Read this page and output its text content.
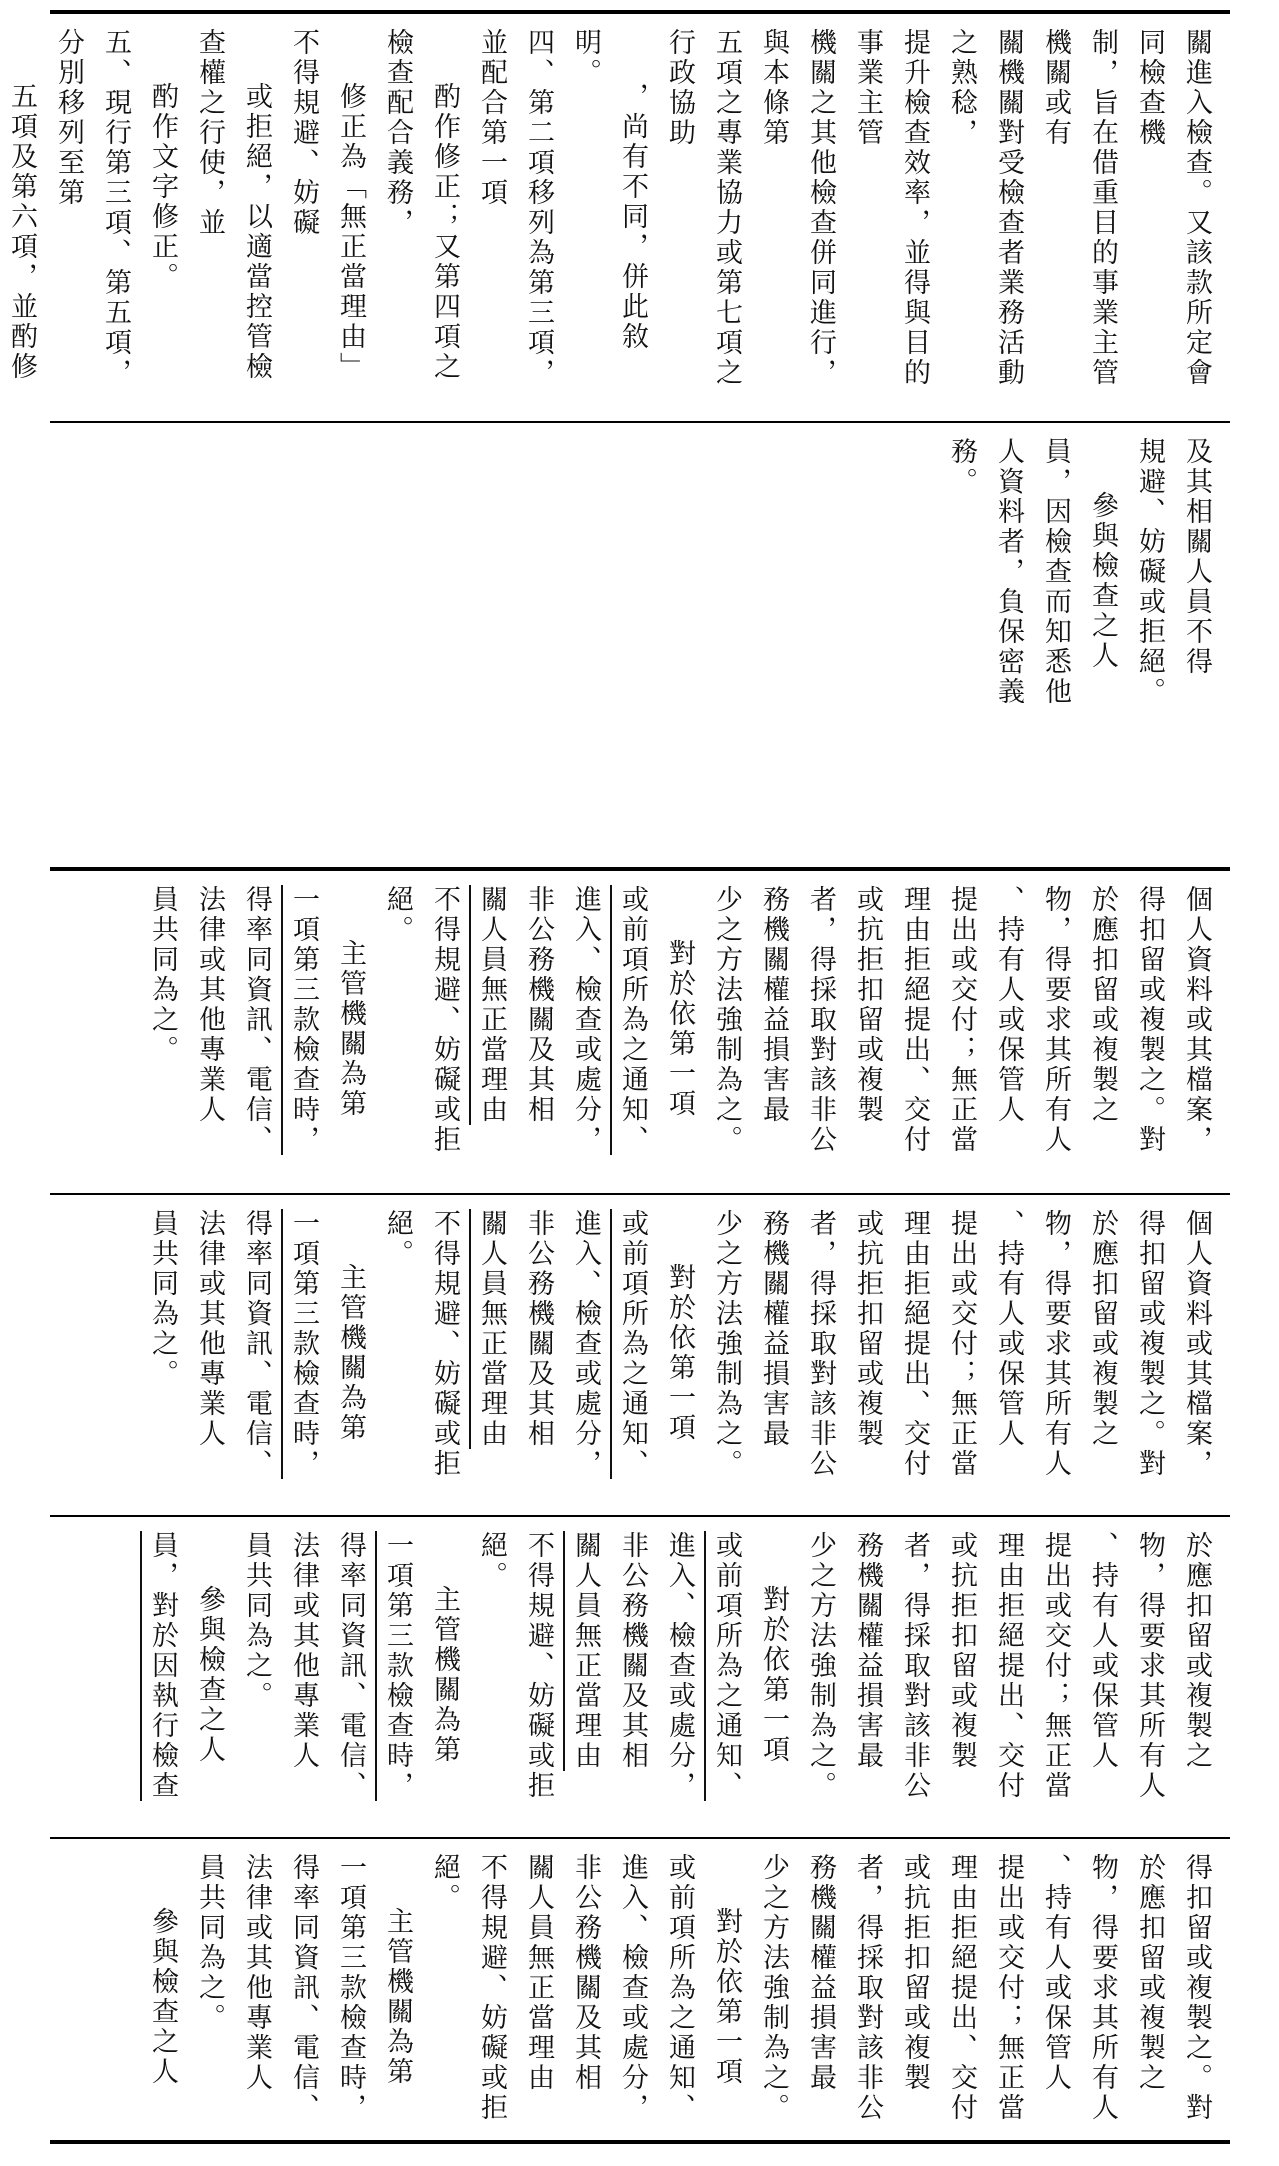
關進入檢查。又該款所定會同檢查機

制，旨在借重目的事業主管機關或有

關機關對受檢查者業務活動之熟稔，

提升檢查效率，並得與目的事業主管

機關之其他檢查併同進行，與本條第

五項之專業協力或第七項之行政協助

，尚有不同，併此敘明。

四、第二項移列為第三項，並配合第一項

酌作修正；又第四項之檢查配合義務，

修正為「無正當理由」不得規避、妨礙

或拒絕，以適當控管檢查權之行使，並

酌作文字修正。

五、現行第三項、第五項，分別移列至第

五項及第六項，並酌修

及其相關人員不得

規避、妨礙或拒絕。

參與檢查之人

員，因檢查而知悉他

人資料者，負保密義

務。

個人資料或其檔案，

得扣留或複製之。對

於應扣留或複製之

物，得要求其所有人

、持有人或保管人

提出或交付；無正當

理由拒絕提出、交付

或抗拒扣留或複製

者，得採取對該非公

務機關權益損害最

少之方法強制為之。

對於依第一項

或前項所為之通知、

進入、檢查或處分，

非公務機關及其相

關人員無正當理由

不得規避、妨礙或拒

絕。

主管機關為第

一項第三款檢查時，

得率同資訊、電信、

法律或其他專業人

員共同為之。

個人資料或其檔案，

得扣留或複製之。對

於應扣留或複製之

物，得要求其所有人

、持有人或保管人

提出或交付；無正當

理由拒絕提出、交付

或抗拒扣留或複製

者，得採取對該非公

務機關權益損害最

少之方法強制為之。

對於依第一項

或前項所為之通知、

進入、檢查或處分，

非公務機關及其相

關人員無正當理由

不得規避、妨礙或拒

絕。

主管機關為第

一項第三款檢查時，

得率同資訊、電信、

法律或其他專業人

員共同為之。

於應扣留或複製之

物，得要求其所有人

、持有人或保管人

提出或交付；無正當

理由拒絕提出、交付

或抗拒扣留或複製

者，得採取對該非公

務機關權益損害最

少之方法強制為之。

對於依第一項

或前項所為之通知、

進入、檢查或處分，

非公務機關及其相

關人員無正當理由

不得規避、妨礙或拒

絕。

主管機關為第

一項第三款檢查時，

得率同資訊、電信、

法律或其他專業人

員共同為之。

參與檢查之人

員，對於因執行檢查

得扣留或複製之。對

於應扣留或複製之

物，得要求其所有人

、持有人或保管人

提出或交付；無正當

理由拒絕提出、交付

或抗拒扣留或複製

者，得採取對該非公

務機關權益損害最

少之方法強制為之。

對於依第一項

或前項所為之通知、

進入、檢查或處分，

非公務機關及其相

關人員無正當理由

不得規避、妨礙或拒

絕。

主管機關為第

一項第三款檢查時，

得率同資訊、電信、

法律或其他專業人

員共同為之。

參與檢查之人
